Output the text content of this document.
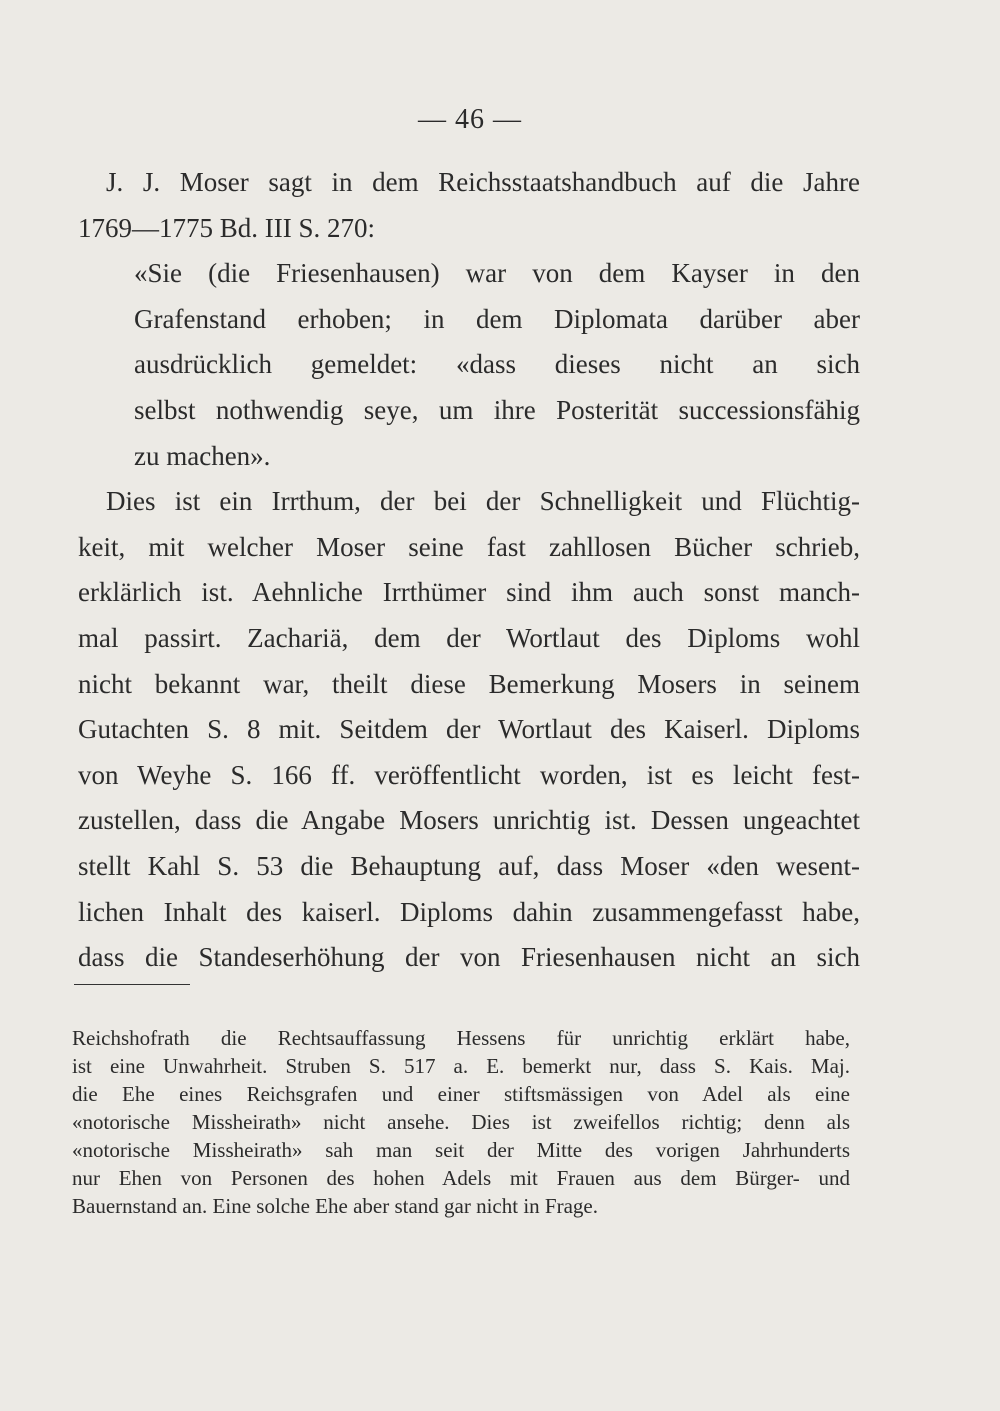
— 46 —
J. J. Moser sagt in dem Reichsstaatshandbuch auf die Jahre
1769—1775 Bd. III S. 270:
«Sie (die Friesenhausen) war von dem Kayser in den
Grafenstand erhoben; in dem Diplomata darüber aber
ausdrücklich gemeldet: «dass dieses nicht an sich
selbst nothwendig seye, um ihre Posterität successionsfähig
zu machen».
Dies ist ein Irrthum, der bei der Schnelligkeit und Flüchtig-
keit, mit welcher Moser seine fast zahllosen Bücher schrieb,
erklärlich ist. Aehnliche Irrthümer sind ihm auch sonst manch-
mal passirt. Zachariä, dem der Wortlaut des Diploms wohl
nicht bekannt war, theilt diese Bemerkung Mosers in seinem
Gutachten S. 8 mit. Seitdem der Wortlaut des Kaiserl. Diploms
von Weyhe S. 166 ff. veröffentlicht worden, ist es leicht fest-
zustellen, dass die Angabe Mosers unrichtig ist. Dessen ungeachtet
stellt Kahl S. 53 die Behauptung auf, dass Moser «den wesent-
lichen Inhalt des kaiserl. Diploms dahin zusammengefasst habe,
dass die Standeserhöhung der von Friesenhausen nicht an sich
Reichshofrath die Rechtsauffassung Hessens für unrichtig erklärt habe,
ist eine Unwahrheit. Struben S. 517 a. E. bemerkt nur, dass S. Kais. Maj.
die Ehe eines Reichsgrafen und einer stiftsmässigen von Adel als eine
«notorische Missheirath» nicht ansehe. Dies ist zweifellos richtig; denn als
«notorische Missheirath» sah man seit der Mitte des vorigen Jahrhunderts
nur Ehen von Personen des hohen Adels mit Frauen aus dem Bürger- und
Bauernstand an. Eine solche Ehe aber stand gar nicht in Frage.
